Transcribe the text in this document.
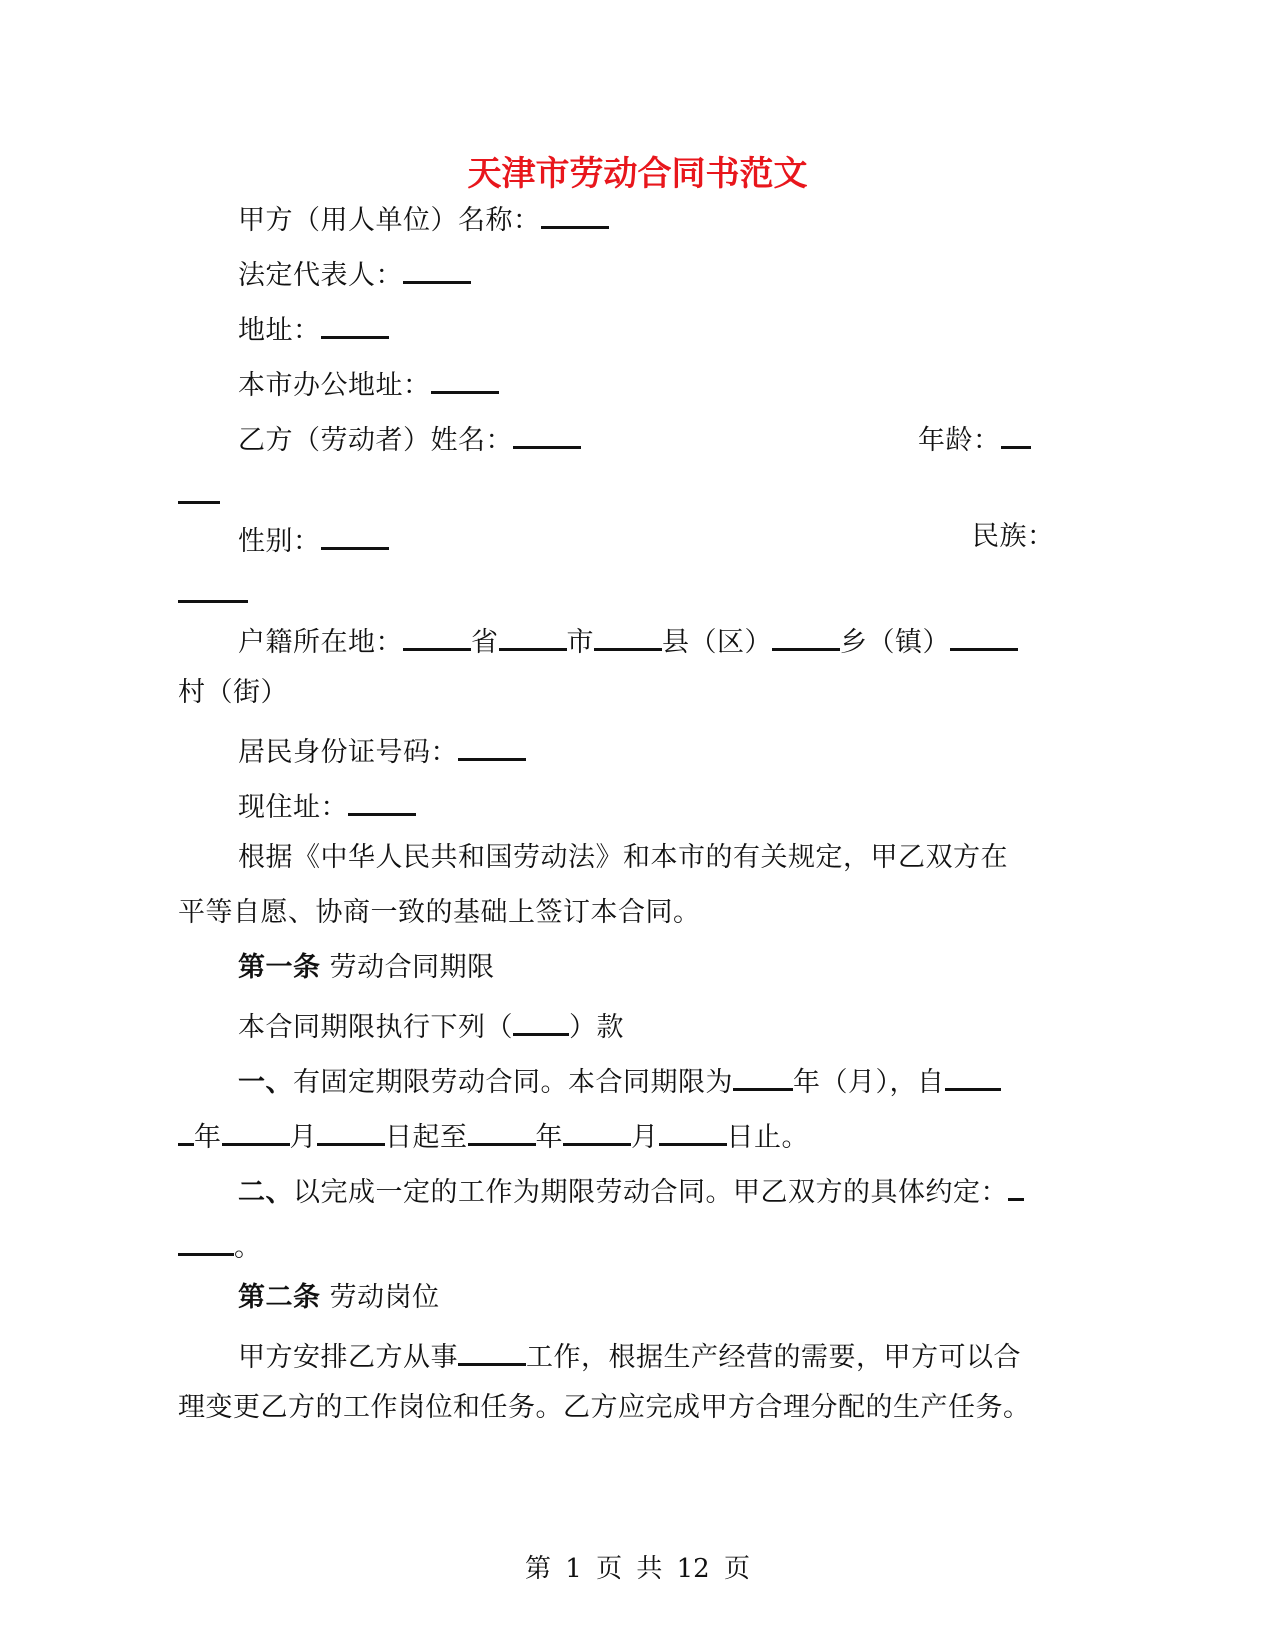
天津市劳动合同书范文
甲方（用人单位）名称：
法定代表人：
地址：
本市办公地址：
乙方（劳动者）姓名：	年龄：
性别：	民族：
户籍所在地：	省	市	县（区）	乡（镇）
村（街）
居民身份证号码：
现住址：
根据《中华人民共和国劳动法》和本市的有关规定，甲乙双方在
平等自愿、协商一致的基础上签订本合同。
第一条 劳动合同期限
本合同期限执行下列（ ）款
一、有固定期限劳动合同。本合同期限为 年（月），自
年	月	日起至	年	月	日止。
二、以完成一定的工作为期限劳动合同。甲乙双方的具体约定：
。
第二条 劳动岗位
甲方安排乙方从事	工作，根据生产经营的需要，甲方可以合
理变更乙方的工作岗位和任务。乙方应完成甲方合理分配的生产任务。
第 1 页 共 12 页
